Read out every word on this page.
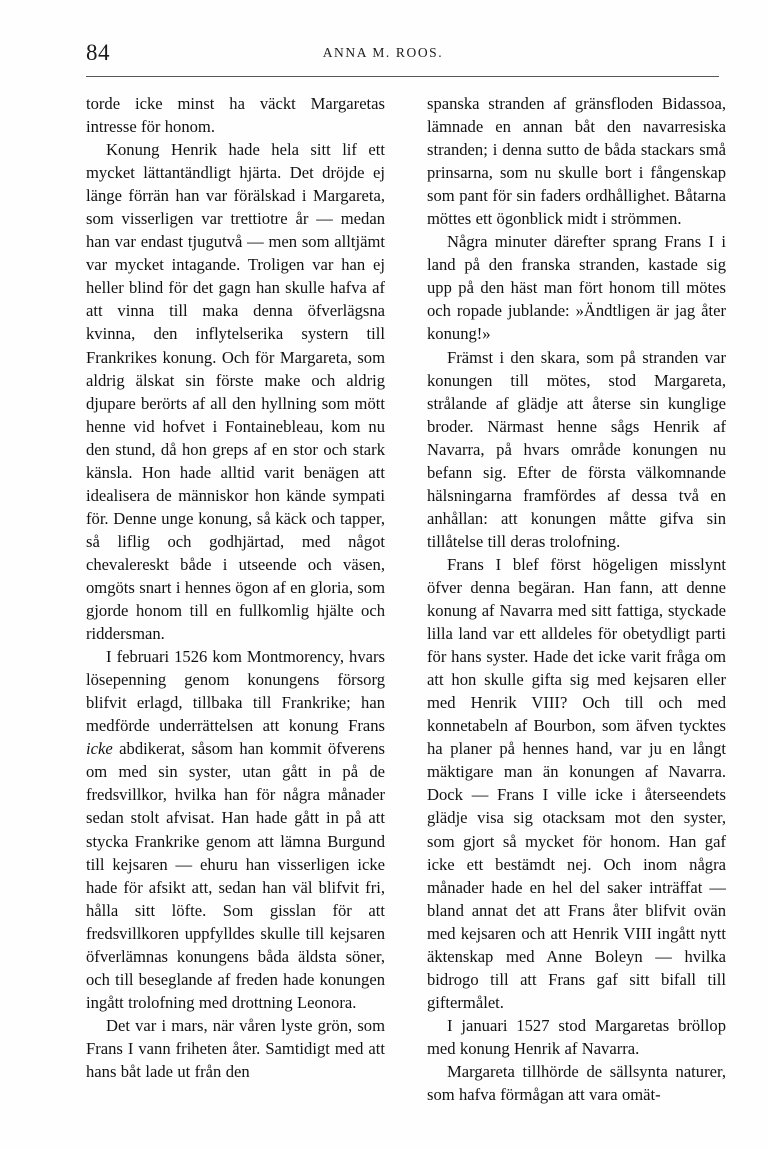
84	ANNA M. ROOS.

torde icke minst ha väckt Margaretas intresse för honom.

Konung Henrik hade hela sitt lif ett mycket lättantändligt hjärta. Det dröjde ej länge förrän han var förälskad i Margareta, som visserligen var trettiotre år — medan han var endast tjugutvå — men som alltjämt var mycket intagande. Troligen var han ej heller blind för det gagn han skulle hafva af att vinna till maka denna öfverlägsna kvinna, den inflytelserika systern till Frankrikes konung. Och för Margareta, som aldrig älskat sin förste make och aldrig djupare berörts af all den hyllning som mött henne vid hofvet i Fontainebleau, kom nu den stund, då hon greps af en stor och stark känsla. Hon hade alltid varit benägen att idealisera de människor hon kände sympati för. Denne unge konung, så käck och tapper, så liflig och godhjärtad, med något chevalereskt både i utseende och väsen, omgöts snart i hennes ögon af en gloria, som gjorde honom till en fullkomlig hjälte och riddersman.

I februari 1526 kom Montmorency, hvars lösepenning genom konungens försorg blifvit erlagd, tillbaka till Frankrike; han medförde underrättelsen att konung Frans icke abdikerat, såsom han kommit öfverens om med sin syster, utan gått in på de fredsvillkor, hvilka han för några månader sedan stolt afvisat. Han hade gått in på att stycka Frankrike genom att lämna Burgund till kejsaren — ehuru han visserligen icke hade för afsikt att, sedan han väl blifvit fri, hålla sitt löfte. Som gisslan för att fredsvillkoren uppfylldes skulle till kejsaren öfverlämnas konungens båda äldsta söner, och till beseglande af freden hade konungen ingått trolofning med drottning Leonora.

Det var i mars, när våren lyste grön, som Frans I vann friheten åter. Samtidigt med att hans båt lade ut från den

spanska stranden af gränsfloden Bidassoa, lämnade en annan båt den navarresiska stranden; i denna sutto de båda stackars små prinsarna, som nu skulle bort i fångenskap som pant för sin faders ordhållighet. Båtarna möttes ett ögonblick midt i strömmen.

Några minuter därefter sprang Frans I i land på den franska stranden, kastade sig upp på den häst man fört honom till mötes och ropade jublande: »Ändtligen är jag åter konung!»

Främst i den skara, som på stranden var konungen till mötes, stod Margareta, strålande af glädje att återse sin kunglige broder. Närmast henne sågs Henrik af Navarra, på hvars område konungen nu befann sig. Efter de första välkomnande hälsningarna framfördes af dessa två en anhållan: att konungen måtte gifva sin tillåtelse till deras trolofning.

Frans I blef först högeligen misslynt öfver denna begäran. Han fann, att denne konung af Navarra med sitt fattiga, styckade lilla land var ett alldeles för obetydligt parti för hans syster. Hade det icke varit fråga om att hon skulle gifta sig med kejsaren eller med Henrik VIII? Och till och med konnetabeln af Bourbon, som äfven tycktes ha planer på hennes hand, var ju en långt mäktigare man än konungen af Navarra. Dock — Frans I ville icke i återseendets glädje visa sig otacksam mot den syster, som gjort så mycket för honom. Han gaf icke ett bestämdt nej. Och inom några månader hade en hel del saker inträffat — bland annat det att Frans åter blifvit ovän med kejsaren och att Henrik VIII ingått nytt äktenskap med Anne Boleyn — hvilka bidrogo till att Frans gaf sitt bifall till giftermålet.

I januari 1527 stod Margaretas bröllop med konung Henrik af Navarra.

Margareta tillhörde de sällsynta naturer, som hafva förmågan att vara omät-
